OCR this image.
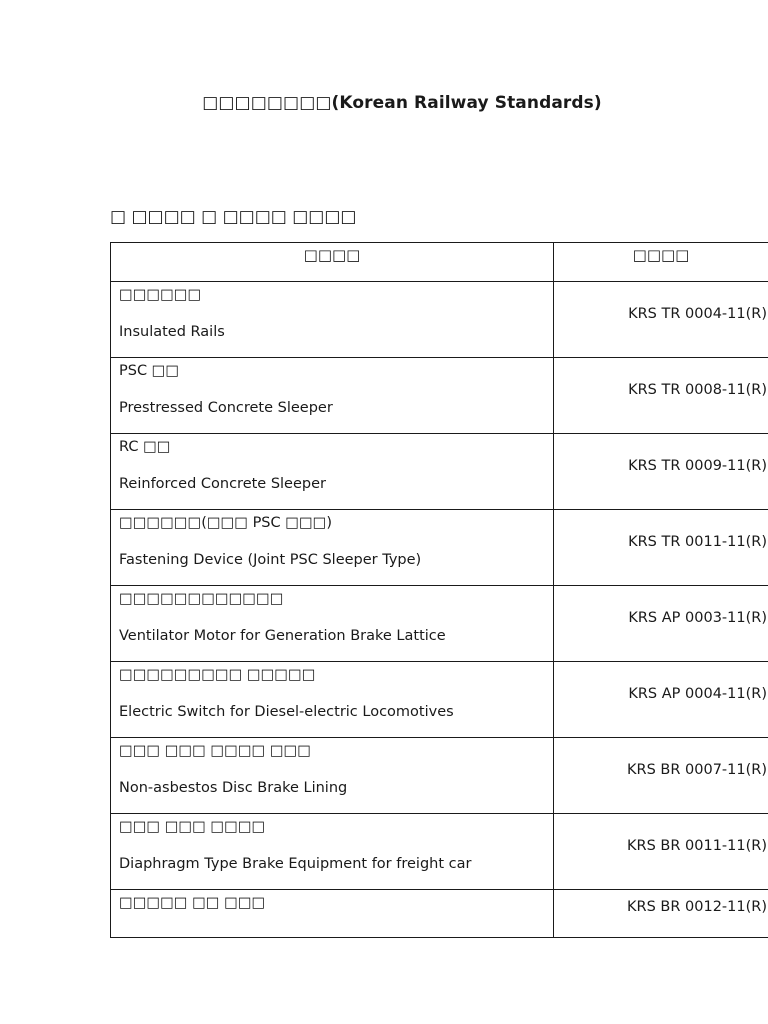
□□□□□□□□(Korean Railway Standards)
□ □□□□ □ □□□□ □□□□
□□□□	□□□□

□□□□□□
Insulated Rails	KRS TR 0004-11(R)

PSC □□
Prestressed Concrete Sleeper	KRS TR 0008-11(R)

RC □□
Reinforced Concrete Sleeper	KRS TR 0009-11(R)

□□□□□□(□□□ PSC □□□)
Fastening Device (Joint PSC Sleeper Type)	KRS TR 0011-11(R)

□□□□□□□□□□□□
Ventilator Motor for Generation Brake Lattice	KRS AP 0003-11(R)

□□□□□□□□□ □□□□□
Electric Switch for Diesel-electric Locomotives	KRS AP 0004-11(R)

□□□ □□□ □□□□ □□□
Non-asbestos Disc Brake Lining	KRS BR 0007-11(R)

□□□ □□□ □□□□
Diaphragm Type Brake Equipment for freight car	KRS BR 0011-11(R)

□□□□□ □□ □□□	KRS BR 0012-11(R)
